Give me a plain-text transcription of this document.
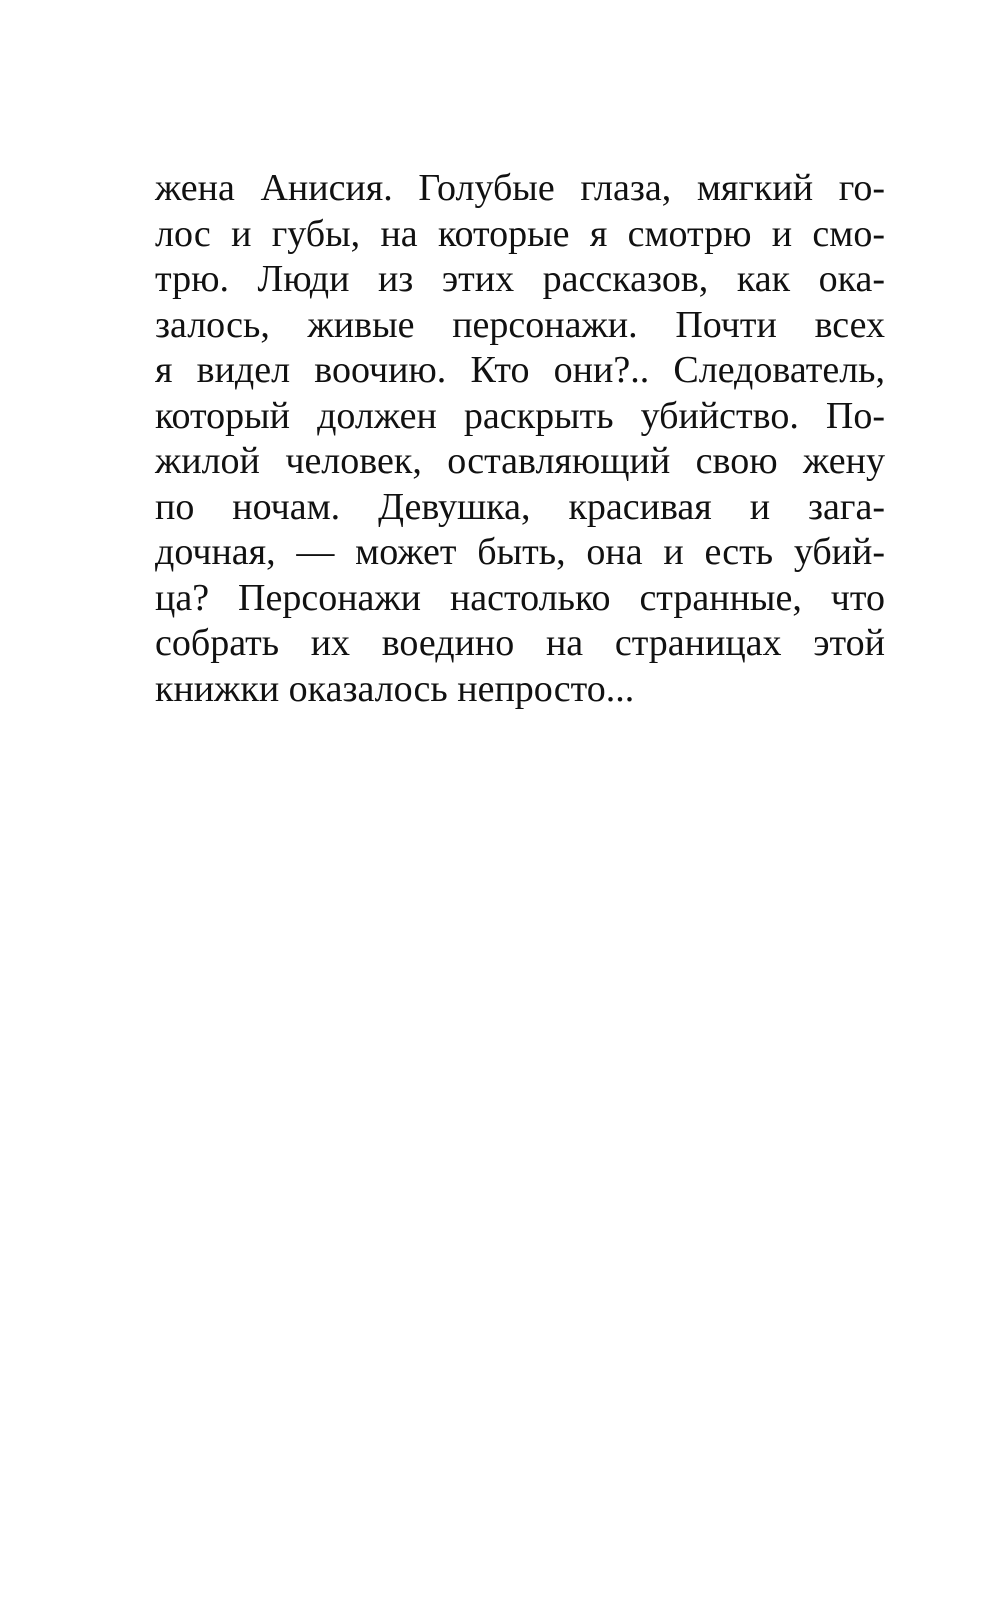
жена Анисия. Голубые глаза, мягкий го-
лос и губы, на которые я смотрю и смо-
трю. Люди из этих рассказов, как ока-
залось, живые персонажи. Почти всех
я видел воочию. Кто они?.. Следователь,
который должен раскрыть убийство. По-
жилой человек, оставляющий свою жену
по ночам. Девушка, красивая и зага-
дочная, — может быть, она и есть убий-
ца? Персонажи настолько странные, что
собрать их воедино на страницах этой
книжки оказалось непросто...
